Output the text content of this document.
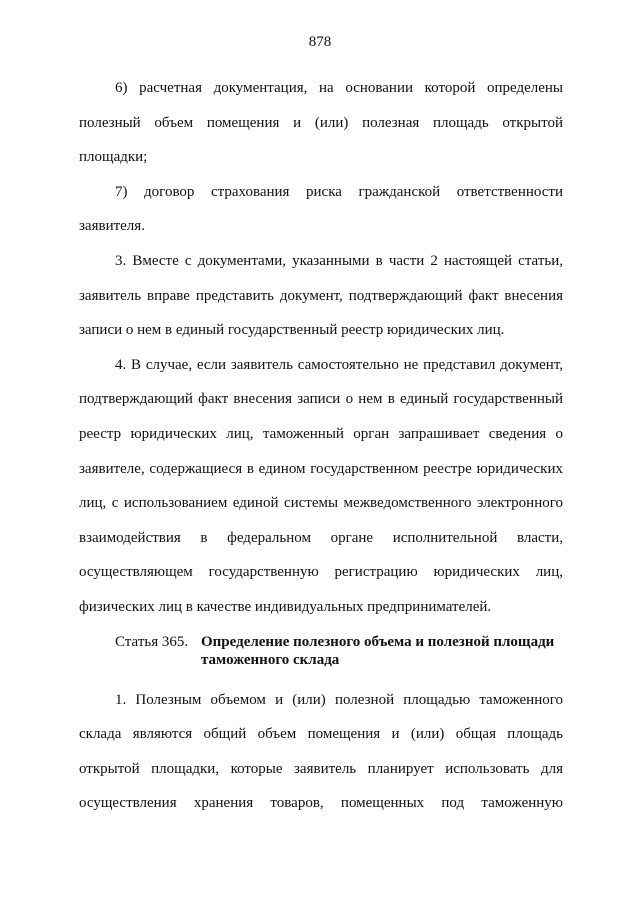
878
6) расчетная документация, на основании которой определены
полезный объем помещения и (или) полезная площадь открытой
площадки;
7) договор страхования риска гражданской ответственности
заявителя.
3. Вместе с документами, указанными в части 2 настоящей статьи,
заявитель вправе представить документ, подтверждающий факт внесения
записи о нем в единый государственный реестр юридических лиц.
4. В случае, если заявитель самостоятельно не представил документ,
подтверждающий факт внесения записи о нем в единый государственный
реестр юридических лиц, таможенный орган запрашивает сведения о
заявителе, содержащиеся в едином государственном реестре юридических
лиц, с использованием единой системы межведомственного электронного
взаимодействия в федеральном органе исполнительной власти,
осуществляющем государственную регистрацию юридических лиц,
физических лиц в качестве индивидуальных предпринимателей.
Статья 365. Определение полезного объема и полезной площади
таможенного склада
1. Полезным объемом и (или) полезной площадью таможенного
склада являются общий объем помещения и (или) общая площадь
открытой площадки, которые заявитель планирует использовать для
осуществления хранения товаров, помещенных под таможенную
